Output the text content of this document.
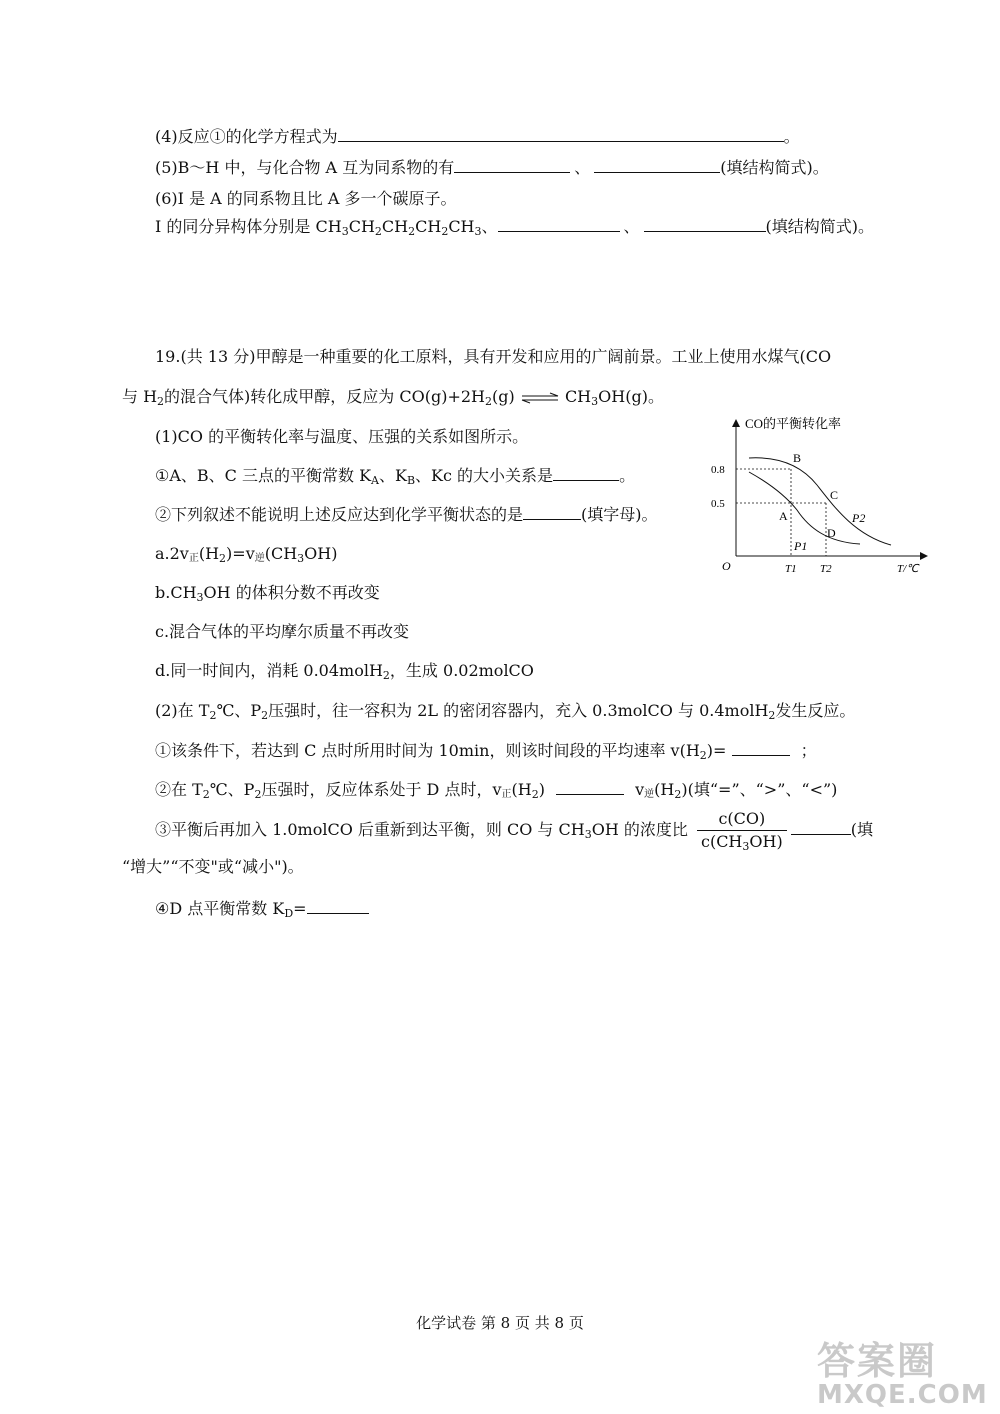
(4)反应①的化学方程式为	。
(5)B～H 中，与化合物 A 互为同系物的有	、	(填结构简式)。
(6)I 是 A 的同系物且比 A 多一个碳原子。
I 的同分异构体分别是 $CH_3CH_2CH_2CH_2CH_3$、	、	(填结构简式)。
19.(共 13 分)甲醇是一种重要的化工原料，具有开发和应用的广阔前景。工业上使用水煤气(CO
与 $H_2$的混合气体)转化成甲醇，反应为 $CO(g)+2H_2(g)$ ⇌ $CH_3OH(g)$。
(1)CO 的平衡转化率与温度、压强的关系如图所示。
①A、B、C 三点的平衡常数 $K_A$、$K_B$、Kc 的大小关系是	。
②下列叙述不能说明上述反应达到化学平衡状态的是	(填字母)。
$a.2v_正(H_2)=v_逆(CH_3OH)$
$b.CH_3OH$ 的体积分数不再改变
c.混合气体的平均摩尔质量不再改变
d.同一时间内，消耗 0.04molH$_2$，生成 0.02molCO
(2)在 $T_2℃$、$P_2$压强时，往一容积为 2L 的密闭容器内，充入 0.3molCO 与 0.4molH$_2$发生反应。
①该条件下，若达到 C 点时所用时间为 10min，则该时间段的平均速率 $v(H_2)=$	；
②在 $T_2℃$、$P_2$压强时，反应体系处于 D 点时，$v_正(H_2)$	$v_逆(H_2)$(填“=”、“>”、“<”)
③平衡后再加入 1.0molCO 后重新到达平衡，则 CO 与 $CH_3OH$ 的浓度比 $\frac{c(CO)}{c(CH_3OH)}$	(填
“增大”“不变"或“减小")。
④D 点平衡常数 $K_D=$
CO的平衡转化率
O
0.8
0.5
B
C
A
D
P2
P1
T1 T2	T/℃
化学试卷 第 8 页 共 8 页
答案圈
MXQE.COM
